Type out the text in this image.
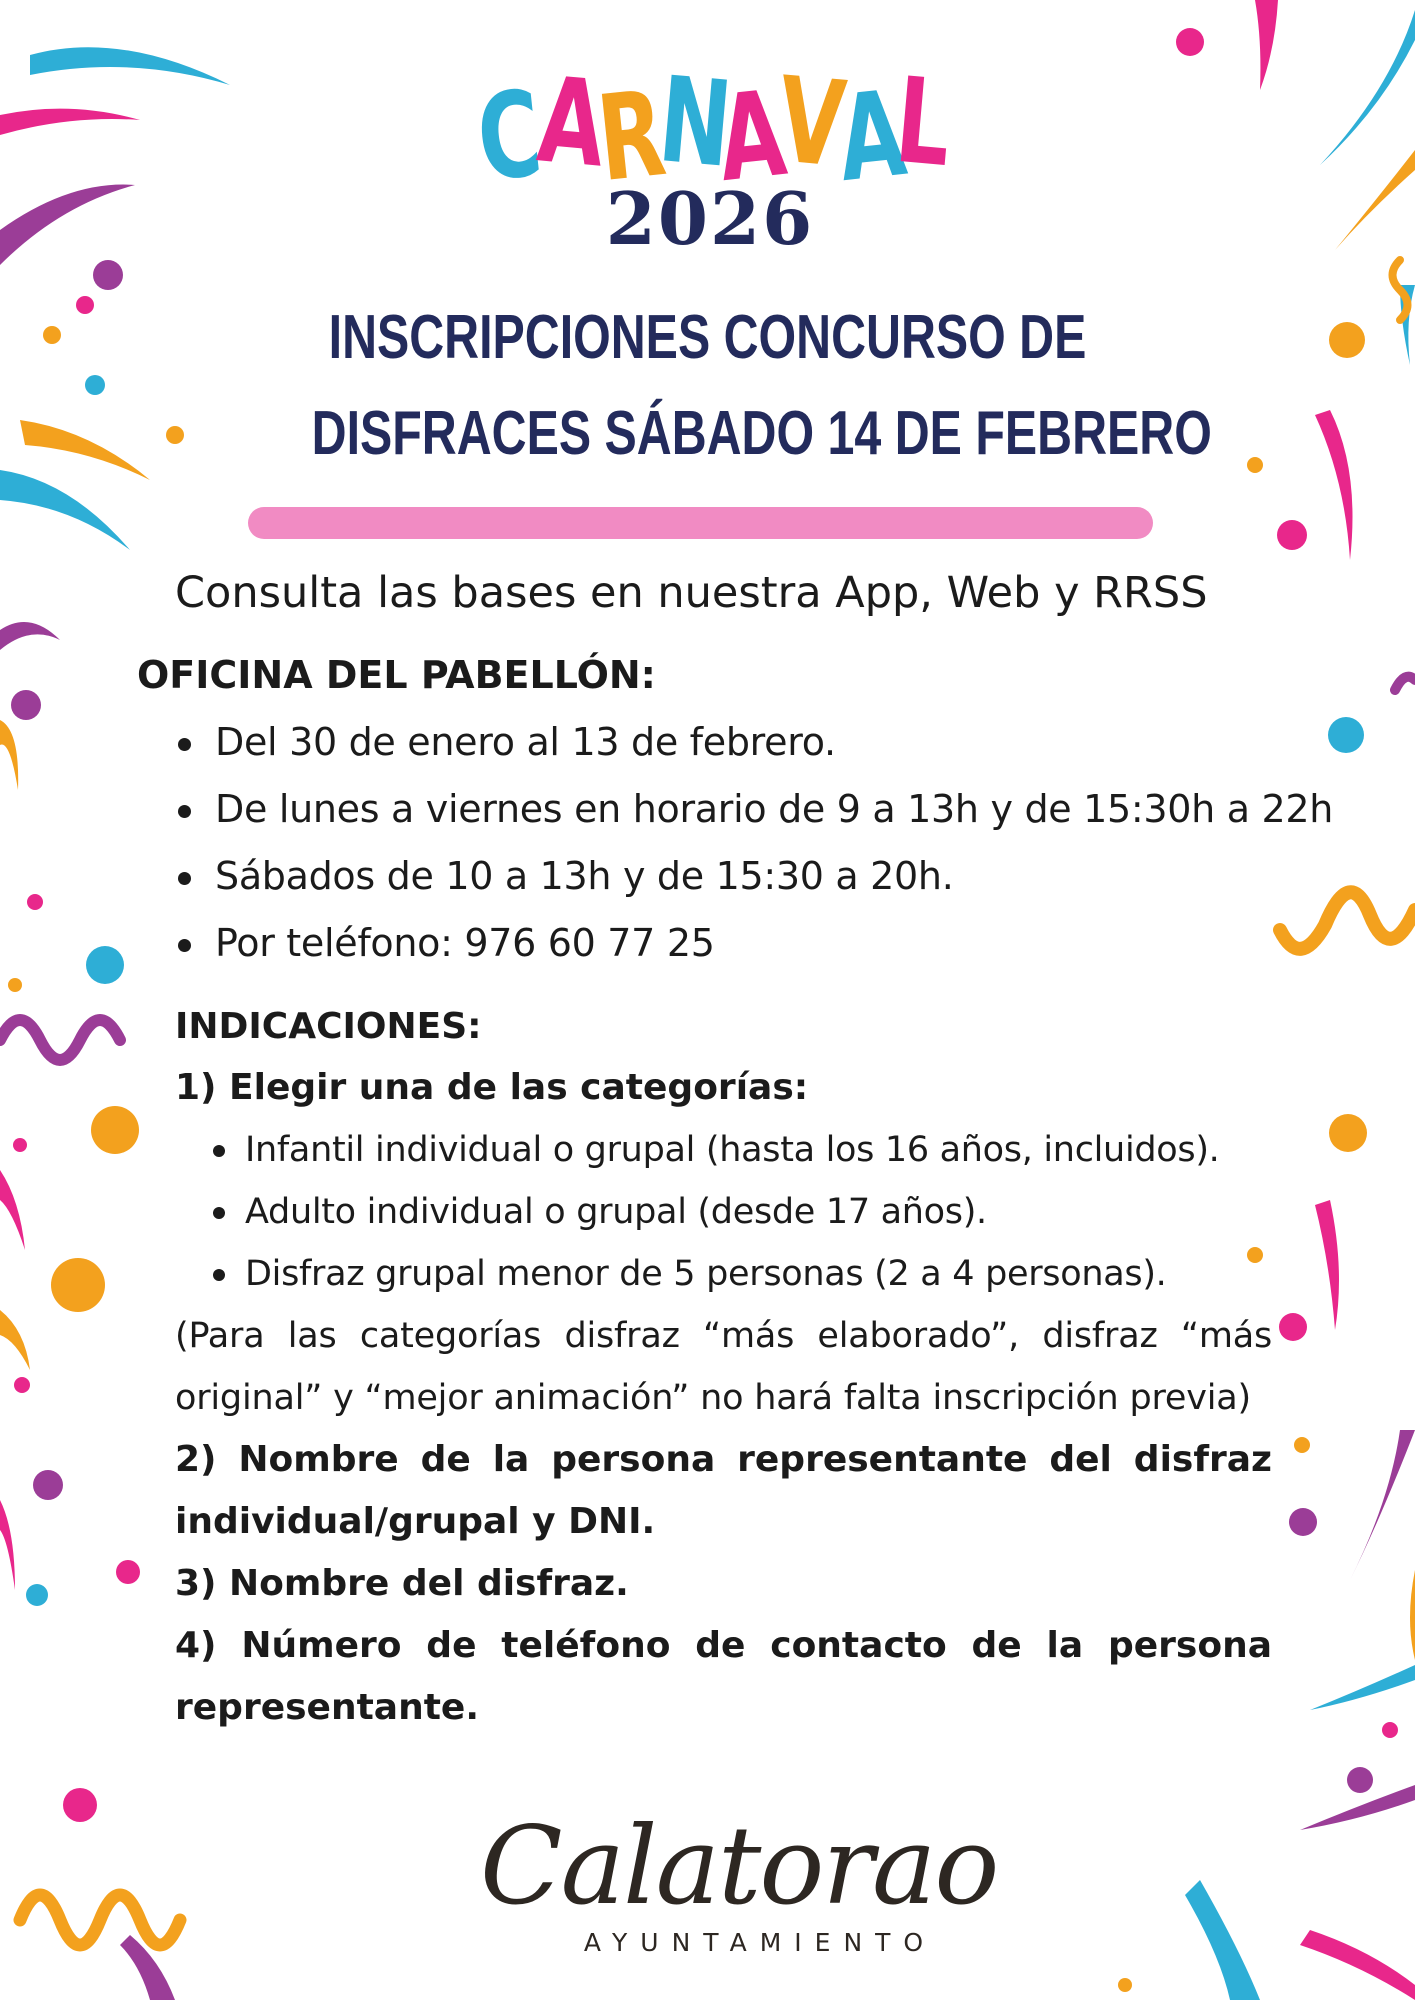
C
A
R
N
A
V
A
L
2026
INSCRIPCIONES CONCURSO DE
DISFRACES SÁBADO 14 DE FEBRERO
Consulta las bases en nuestra App, Web y RRSS
OFICINA DEL PABELLÓN:
Del 30 de enero al 13 de febrero.
De lunes a viernes en horario de 9 a 13h y de 15:30h a 22h
Sábados de 10 a 13h y de 15:30 a 20h.
Por teléfono: 976 60 77 25
INDICACIONES:
1) Elegir una de las categorías:
Infantil individual o grupal (hasta los 16 años, incluidos).
Adulto individual o grupal (desde 17 años).
Disfraz grupal menor de 5 personas (2 a 4 personas).
(Para las categorías disfraz “más elaborado”, disfraz “más original” y “mejor animación” no hará falta inscripción previa)
2) Nombre de la persona representante del disfraz individual/grupal y DNI.
3) Nombre del disfraz.
4) Número de teléfono de contacto de la persona representante.
Calatorao
AYUNTAMIENTO
